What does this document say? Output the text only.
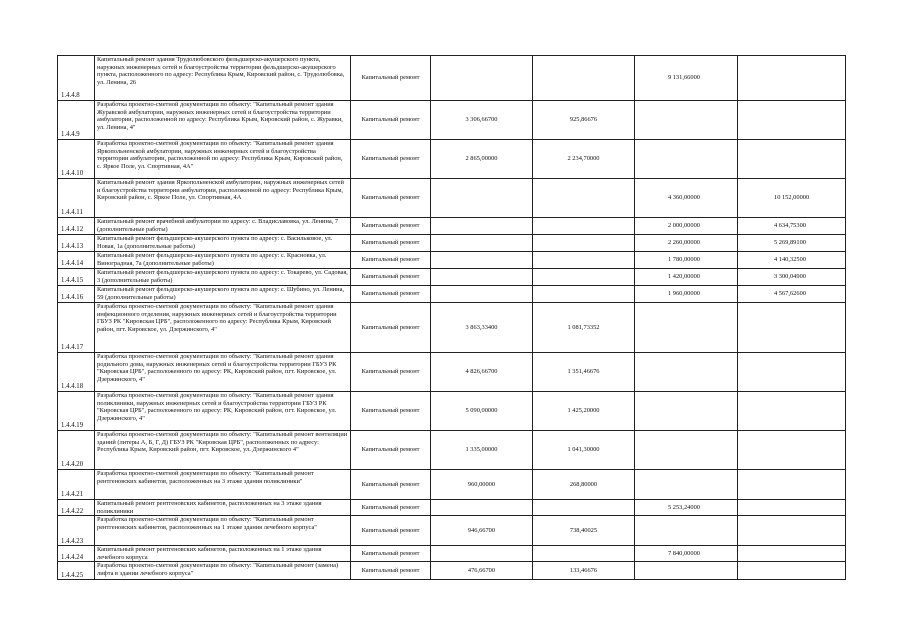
1.4.4.8	Капитальный ремонт здания Трудолюбовского фельдшерско-акушерского пункта, наружных инженерных сетей и благоустройства территории фельдшерско-акушерского пункта, расположенного по адресу: Республика Крым, Кировский район, с. Трудолюбовка, ул. Ленина, 26	Капитальный ремонт			9 131,66000	
1.4.4.9	Разработка проектно-сметной документации по объекту: "Капитальный ремонт здания Журавской амбулатории, наружных инженерных сетей и благоустройства территории амбулатории, расположенной по адресу: Республика Крым, Кировский район, с. Журавки, ул. Ленина, 4"	Капитальный ремонт	3 306,66700	925,86676		
1.4.4.10	Разработка проектно-сметной документации по объекту: "Капитальный ремонт здания Яркопольненской амбулатории, наружных инженерных сетей и благоустройства территории амбулатории, расположенной по адресу: Республика Крым, Кировский район, с. Яркое Поле, ул. Спортивная, 4А"	Капитальный ремонт	2 865,00000	2 234,70000		
1.4.4.11	Капитальный ремонт здания Яркопольненской амбулатории, наружных инженерных сетей и благоустройства территории амбулатории, расположенной по адресу: Республика Крым, Кировский район, с. Яркое Поле, ул. Спортивная, 4А	Капитальный ремонт			4 360,00000	10 152,00000
1.4.4.12	Капитальный ремонт врачебной амбулатории по адресу: с. Владиславовка, ул. Ленина, 7 (дополнительные работы)	Капитальный ремонт			2 000,00000	4 634,75300
1.4.4.13	Капитальный ремонт фельдшерско-акушерского пункта по адресу: с. Васильковое, ул. Новая, 1а (дополнительные работы)	Капитальный ремонт			2 260,00000	5 269,89100
1.4.4.14	Капитальный ремонт фельдшерско-акушерского пункта по адресу: с. Красновка, ул. Виноградная, 7а (дополнительные работы)	Капитальный ремонт			1 780,00000	4 140,32500
1.4.4.15	Капитальный ремонт фельдшерско-акушерского пункта по адресу: с. Токарево, ул. Садовая, 3 (дополнительные работы)	Капитальный ремонт			1 420,00000	3 300,04900
1.4.4.16	Капитальный ремонт фельдшерско-акушерского пункта по адресу: с. Шубино, ул. Ленина, 59 (дополнительные работы)	Капитальный ремонт			1 960,00000	4 567,62600
1.4.4.17	Разработка проектно-сметной документации по объекту: "Капитальный ремонт здания инфекционного отделения, наружных инженерных сетей и благоустройства территории ГБУЗ РК "Кировская ЦРБ", расположенного по адресу: Республика Крым, Кировский район, пгт. Кировское, ул. Дзержинского, 4"	Капитальный ремонт	3 863,33400	1 081,73352		
1.4.4.18	Разработка проектно-сметной документации по объекту: "Капитальный ремонт здания родильного дома, наружных инженерных сетей и благоустройства территории ГБУЗ РК "Кировская ЦРБ", расположенного по адресу: РК, Кировский район, пгт. Кировское, ул. Дзержинского, 4"	Капитальный ремонт	4 826,66700	1 351,46676		
1.4.4.19	Разработка проектно-сметной документации по объекту: "Капитальный ремонт здания поликлиники, наружных инженерных сетей и благоустройства территории ГБУЗ РК "Кировская ЦРБ", расположенного по адресу: РК, Кировский район, пгт. Кировское, ул. Дзержинского, 4"	Капитальный ремонт	5 090,00000	1 425,20000		
1.4.4.20	Разработка проектно-сметной документации по объекту: "Капитальный ремонт вентиляции зданий (литеры А, Б, Г, Д) ГБУЗ РК "Кировская ЦРБ", расположенных по адресу: Республика Крым, Кировский район, пгт. Кировское, ул. Дзержинского 4"	Капитальный ремонт	1 335,00000	1 041,30000		
1.4.4.21	Разработка проектно-сметной документации по объекту: "Капитальный ремонт рентгеновских кабинетов, расположенных на 3 этаже здания поликлиники"	Капитальный ремонт	960,00000	268,80000		
1.4.4.22	Капитальный ремонт рентгеновских кабинетов, расположенных на 3 этаже здания поликлиники	Капитальный ремонт			5 253,24000	
1.4.4.23	Разработка проектно-сметной документации по объекту: "Капитальный ремонт рентгеновских кабинетов, расположенных на 1 этаже здания лечебного корпуса"	Капитальный ремонт	946,66700	738,40025		
1.4.4.24	Капитальный ремонт рентгеновских кабинетов, расположенных на 1 этаже здания лечебного корпуса	Капитальный ремонт			7 840,00000	
1.4.4.25	Разработка проектно-сметной документации по объекту: "Капитальный ремонт (замена) лифта в здании лечебного корпуса"	Капитальный ремонт	476,66700	133,46676		
